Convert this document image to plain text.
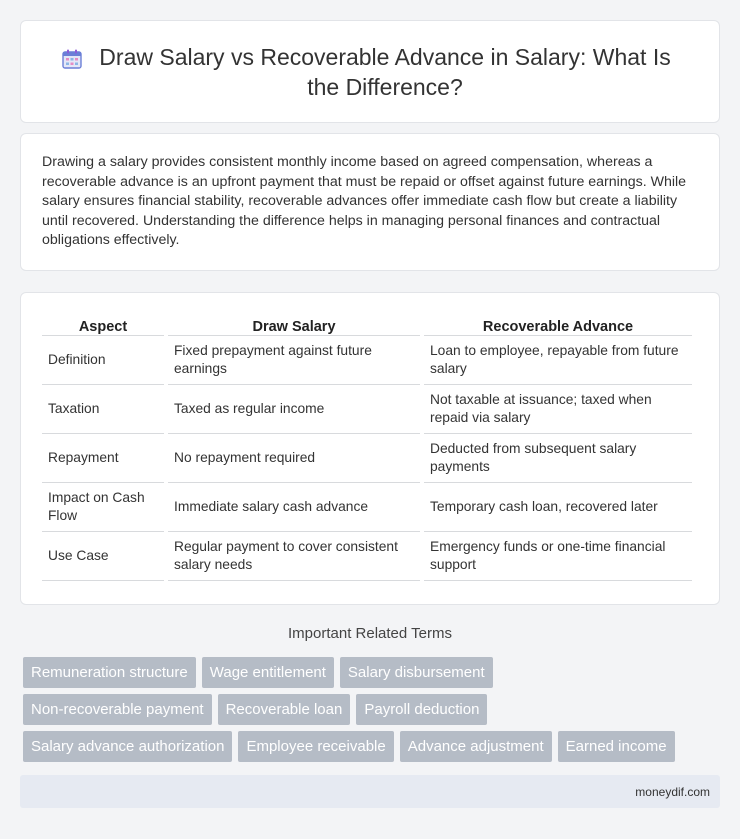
Draw Salary vs Recoverable Advance in Salary: What Is the Difference?

Drawing a salary provides consistent monthly income based on agreed compensation, whereas a recoverable advance is an upfront payment that must be repaid or offset against future earnings. While salary ensures financial stability, recoverable advances offer immediate cash flow but create a liability until recovered. Understanding the difference helps in managing personal finances and contractual obligations effectively.

Aspect	Draw Salary	Recoverable Advance
Definition	Fixed prepayment against future earnings	Loan to employee, repayable from future salary
Taxation	Taxed as regular income	Not taxable at issuance; taxed when repaid via salary
Repayment	No repayment required	Deducted from subsequent salary payments
Impact on Cash Flow	Immediate salary cash advance	Temporary cash loan, recovered later
Use Case	Regular payment to cover consistent salary needs	Emergency funds or one-time financial support
Important Related Terms
Remuneration structure	Wage entitlement	Salary disbursement
Non-recoverable payment	Recoverable loan	Payroll deduction
Salary advance authorization	Employee receivable	Advance adjustment	Earned income
moneydif.com
